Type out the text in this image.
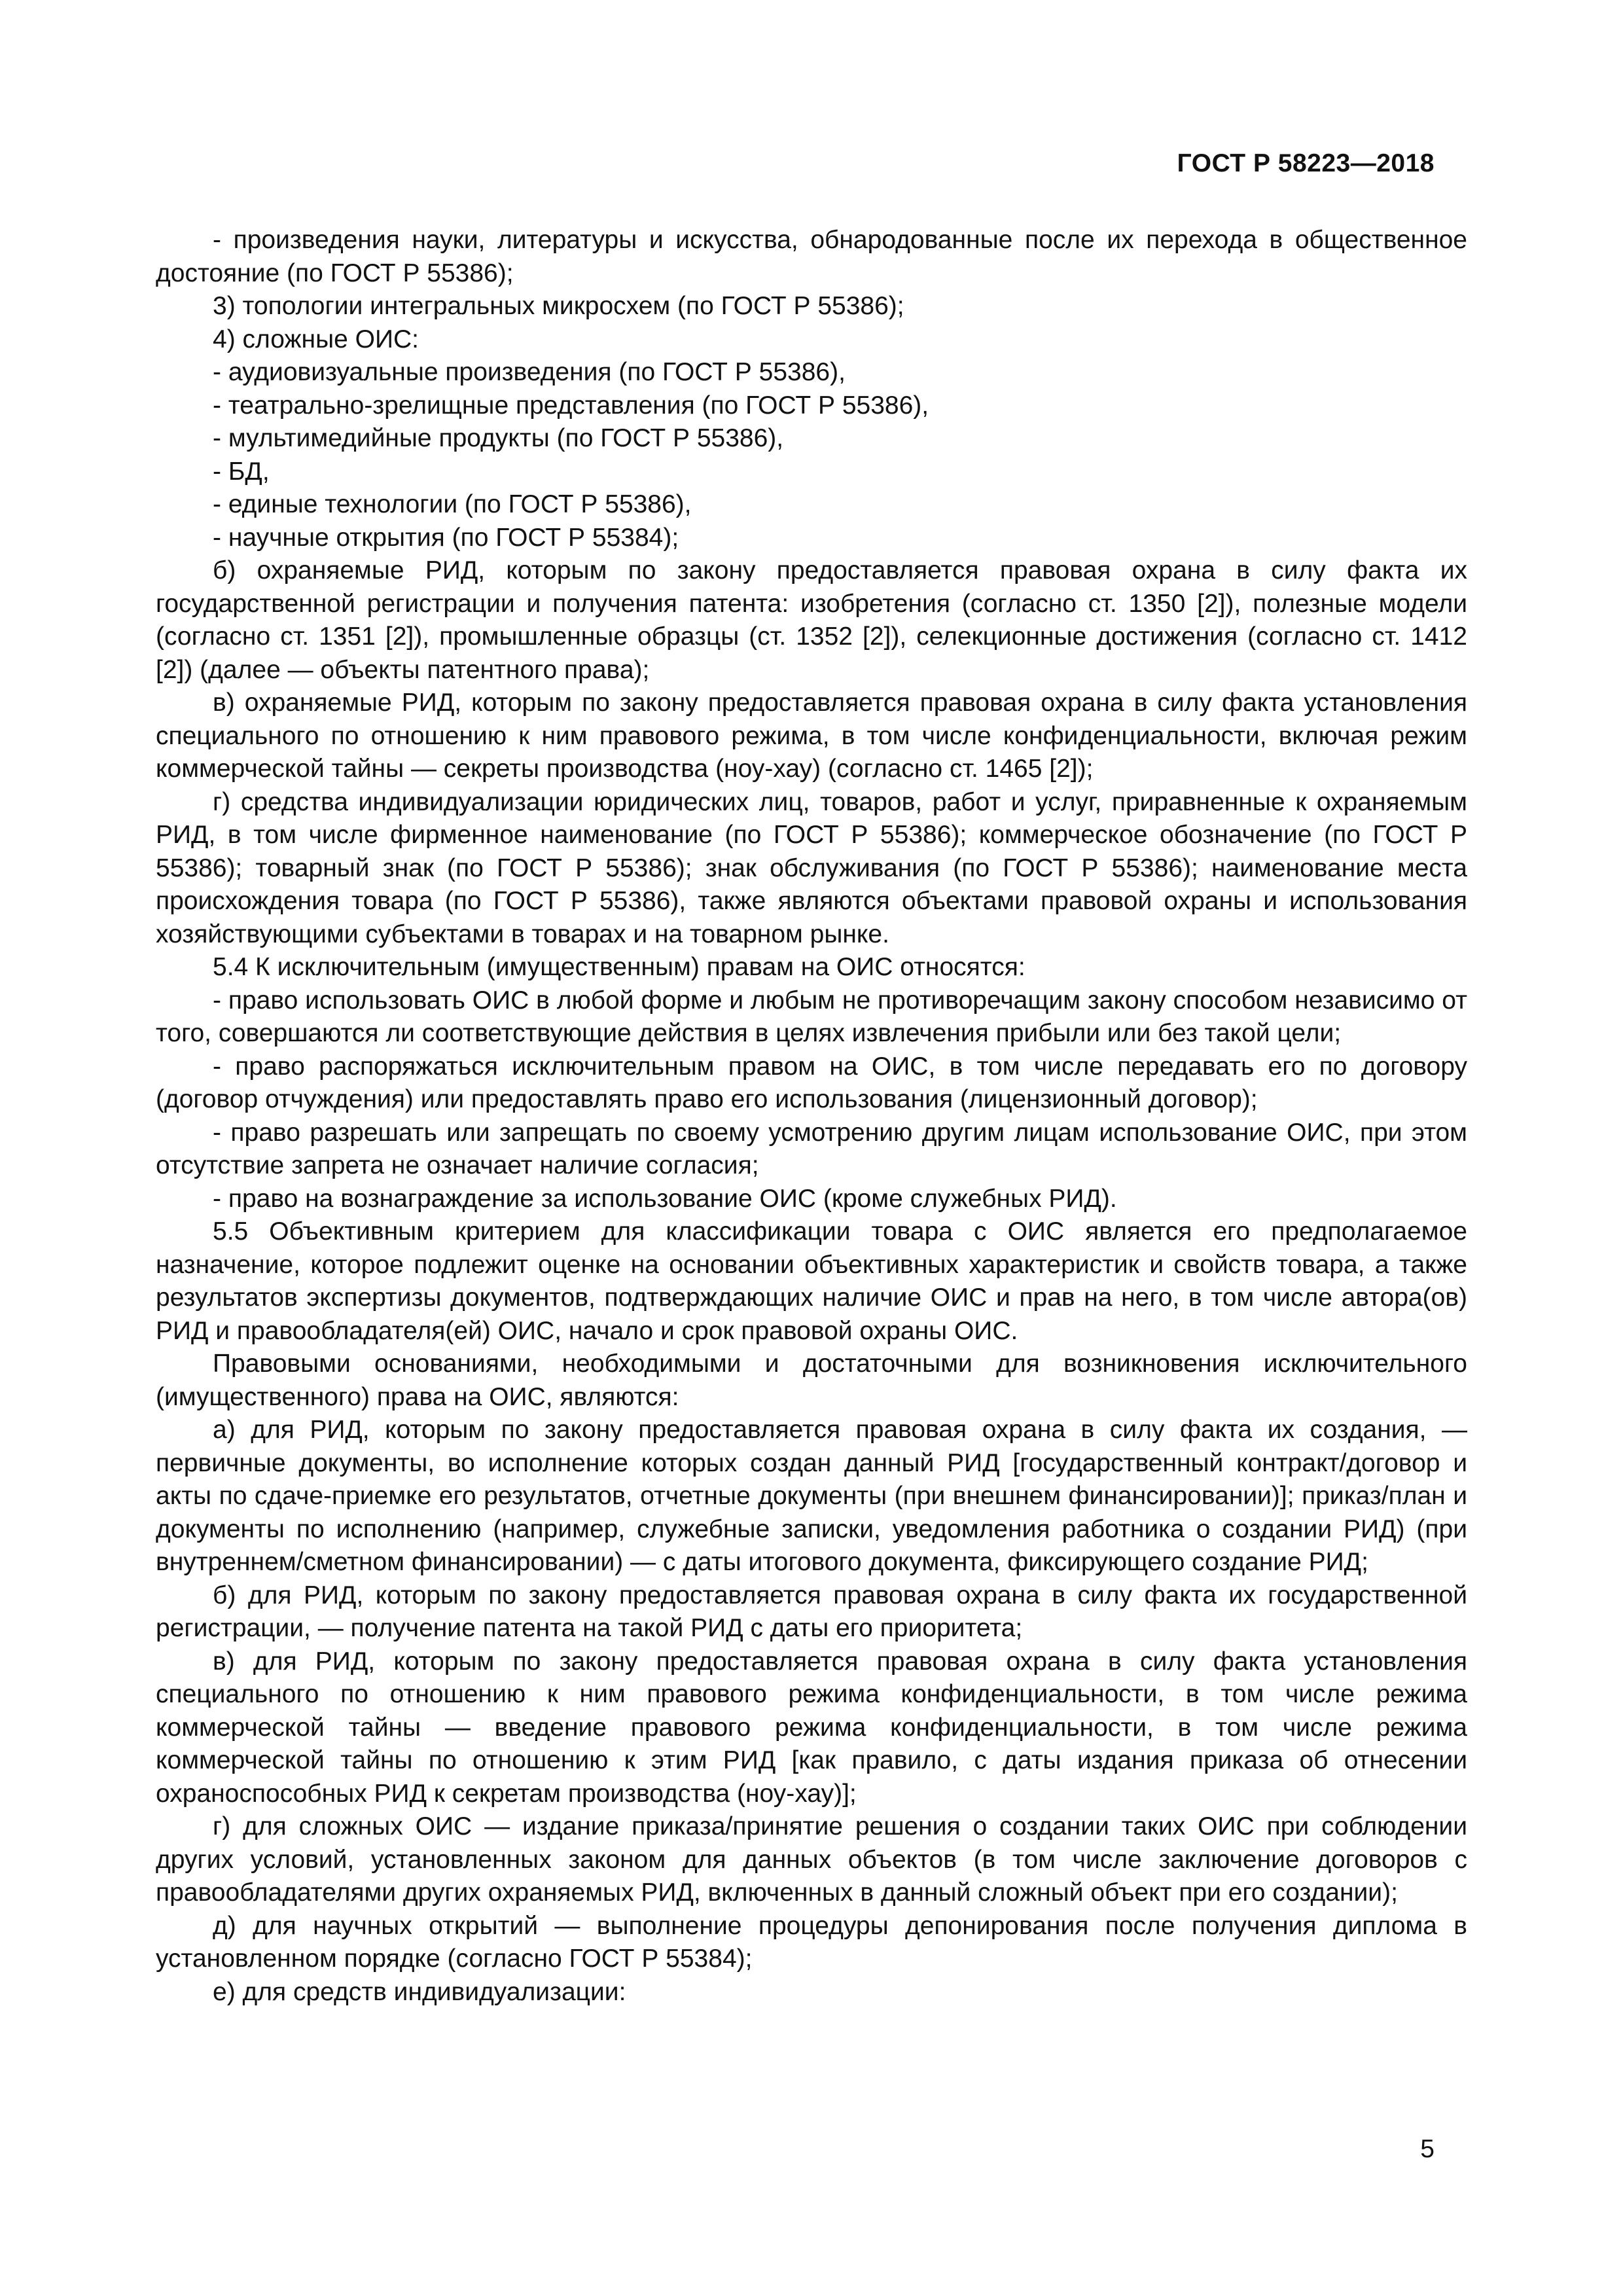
ГОСТ Р 58223—2018

- произведения науки, литературы и искусства, обнародованные после их перехода в общественное достояние (по ГОСТ Р 55386);

3) топологии интегральных микросхем (по ГОСТ Р 55386);

4) сложные ОИС:

- аудиовизуальные произведения (по ГОСТ Р 55386),

- театрально-зрелищные представления (по ГОСТ Р 55386),

- мультимедийные продукты (по ГОСТ Р 55386),

- БД,

- единые технологии (по ГОСТ Р 55386),

- научные открытия (по ГОСТ Р 55384);

б) охраняемые РИД, которым по закону предоставляется правовая охрана в силу факта их государственной регистрации и получения патента: изобретения (согласно ст. 1350 [2]), полезные модели (согласно ст. 1351 [2]), промышленные образцы (ст. 1352 [2]), селекционные достижения (согласно ст. 1412 [2]) (далее — объекты патентного права);

в) охраняемые РИД, которым по закону предоставляется правовая охрана в силу факта установления специального по отношению к ним правового режима, в том числе конфиденциальности, включая режим коммерческой тайны — секреты производства (ноу-хау) (согласно ст. 1465 [2]);

г) средства индивидуализации юридических лиц, товаров, работ и услуг, приравненные к охраняемым РИД, в том числе фирменное наименование (по ГОСТ Р 55386); коммерческое обозначение (по ГОСТ Р 55386); товарный знак (по ГОСТ Р 55386); знак обслуживания (по ГОСТ Р 55386); наименование места происхождения товара (по ГОСТ Р 55386), также являются объектами правовой охраны и использования хозяйствующими субъектами в товарах и на товарном рынке.

5.4 К исключительным (имущественным) правам на ОИС относятся:

- право использовать ОИС в любой форме и любым не противоречащим закону способом независимо от того, совершаются ли соответствующие действия в целях извлечения прибыли или без такой цели;

- право распоряжаться исключительным правом на ОИС, в том числе передавать его по договору (договор отчуждения) или предоставлять право его использования (лицензионный договор);

- право разрешать или запрещать по своему усмотрению другим лицам использование ОИС, при этом отсутствие запрета не означает наличие согласия;

- право на вознаграждение за использование ОИС (кроме служебных РИД).

5.5 Объективным критерием для классификации товара с ОИС является его предполагаемое назначение, которое подлежит оценке на основании объективных характеристик и свойств товара, а также результатов экспертизы документов, подтверждающих наличие ОИС и прав на него, в том числе автора(ов) РИД и правообладателя(ей) ОИС, начало и срок правовой охраны ОИС.

Правовыми основаниями, необходимыми и достаточными для возникновения исключительного (имущественного) права на ОИС, являются:

а) для РИД, которым по закону предоставляется правовая охрана в силу факта их создания, — первичные документы, во исполнение которых создан данный РИД [государственный контракт/договор и акты по сдаче-приемке его результатов, отчетные документы (при внешнем финансировании)]; приказ/план и документы по исполнению (например, служебные записки, уведомления работника о создании РИД) (при внутреннем/сметном финансировании) — с даты итогового документа, фиксирующего создание РИД;

б) для РИД, которым по закону предоставляется правовая охрана в силу факта их государственной регистрации, — получение патента на такой РИД с даты его приоритета;

в) для РИД, которым по закону предоставляется правовая охрана в силу факта установления специального по отношению к ним правового режима конфиденциальности, в том числе режима коммерческой тайны — введение правового режима конфиденциальности, в том числе режима коммерческой тайны по отношению к этим РИД [как правило, с даты издания приказа об отнесении охраноспособных РИД к секретам производства (ноу-хау)];

г) для сложных ОИС — издание приказа/принятие решения о создании таких ОИС при соблюдении других условий, установленных законом для данных объектов (в том числе заключение договоров с правообладателями других охраняемых РИД, включенных в данный сложный объект при его создании);

д) для научных открытий — выполнение процедуры депонирования после получения диплома в установленном порядке (согласно ГОСТ Р 55384);

е) для средств индивидуализации:

5
